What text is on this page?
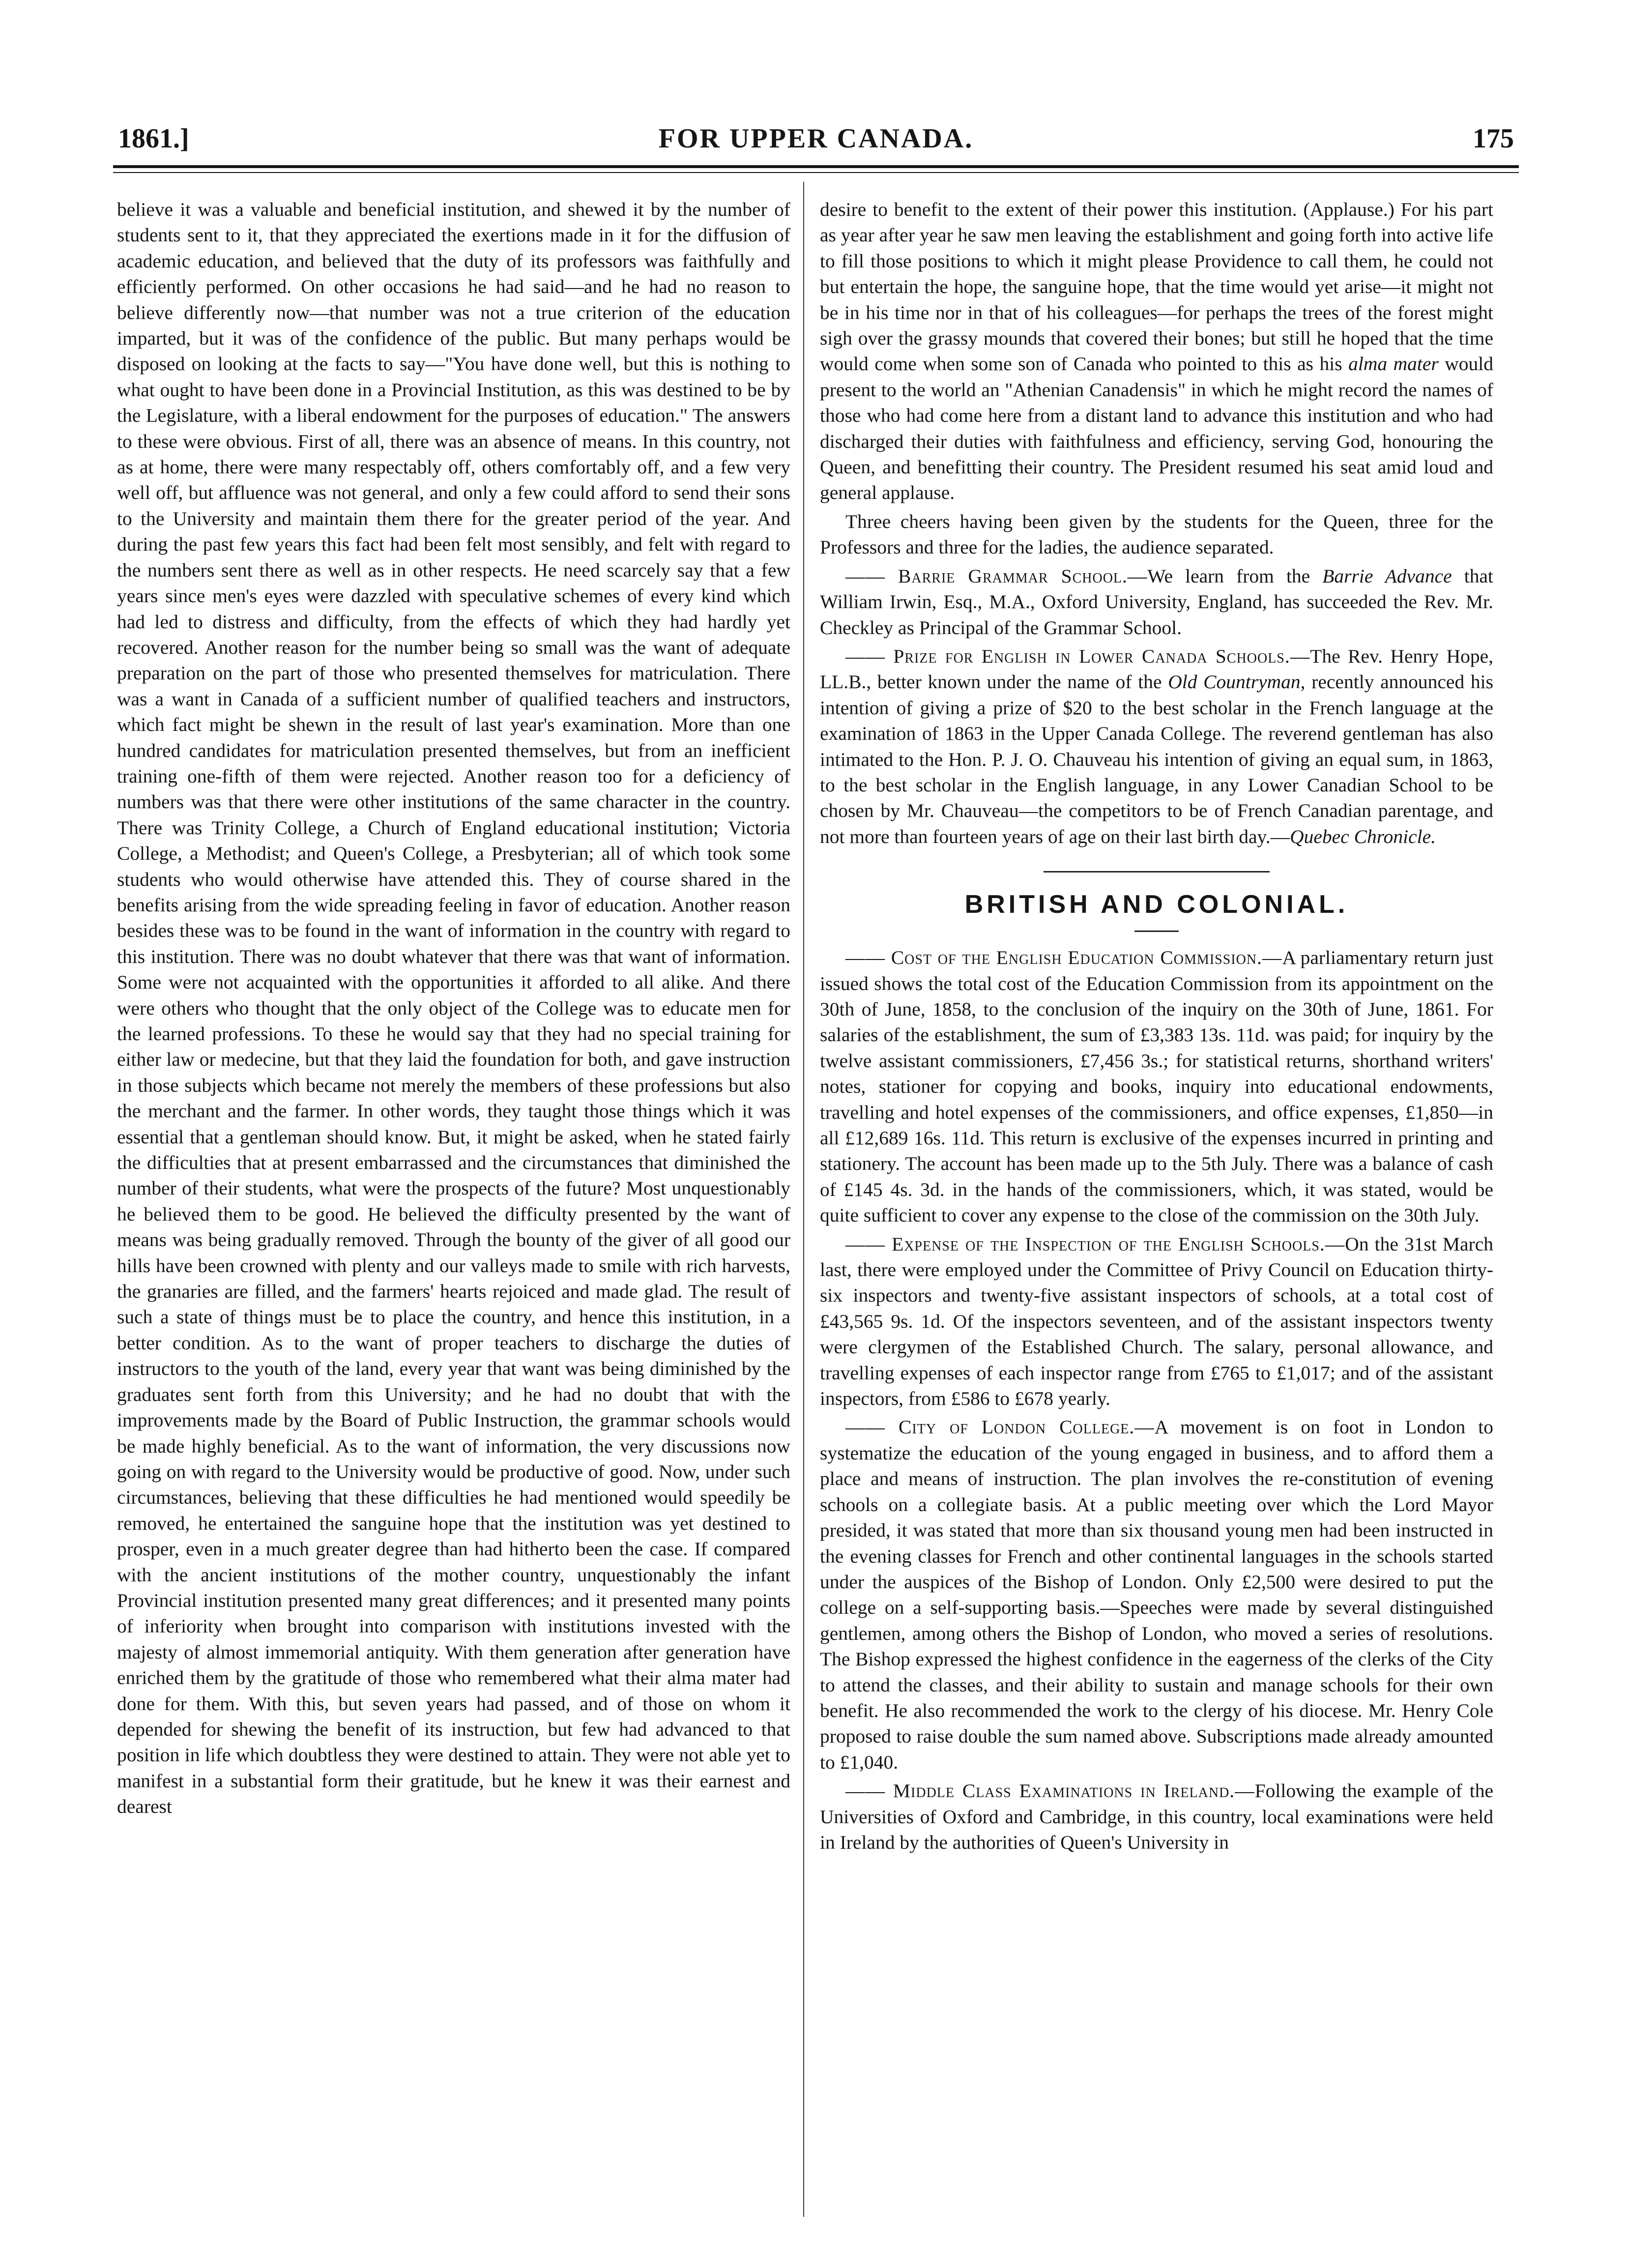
1861.]	FOR UPPER CANADA.	175

believe it was a valuable and beneficial institution, and shewed it by the number of students sent to it, that they appreciated the exertions made in it for the diffusion of academic education, and believed that the duty of its professors was faithfully and efficiently performed. On other occasions he had said—and he had no reason to believe differently now—that number was not a true criterion of the education imparted, but it was of the confidence of the public. But many perhaps would be disposed on looking at the facts to say—"You have done well, but this is nothing to what ought to have been done in a Provincial Institution, as this was destined to be by the Legislature, with a liberal endowment for the purposes of education." The answers to these were obvious. First of all, there was an absence of means. In this country, not as at home, there were many respectably off, others comfortably off, and a few very well off, but affluence was not general, and only a few could afford to send their sons to the University and maintain them there for the greater period of the year. And during the past few years this fact had been felt most sensibly, and felt with regard to the numbers sent there as well as in other respects. He need scarcely say that a few years since men's eyes were dazzled with speculative schemes of every kind which had led to distress and difficulty, from the effects of which they had hardly yet recovered. Another reason for the number being so small was the want of adequate preparation on the part of those who presented themselves for matriculation. There was a want in Canada of a sufficient number of qualified teachers and instructors, which fact might be shewn in the result of last year's examination. More than one hundred candidates for matriculation presented themselves, but from an inefficient training one-fifth of them were rejected. Another reason too for a deficiency of numbers was that there were other institutions of the same character in the country. There was Trinity College, a Church of England educational institution; Victoria College, a Methodist; and Queen's College, a Presbyterian; all of which took some students who would otherwise have attended this. They of course shared in the benefits arising from the wide spreading feeling in favor of education. Another reason besides these was to be found in the want of information in the country with regard to this institution. There was no doubt whatever that there was that want of information. Some were not acquainted with the opportunities it afforded to all alike. And there were others who thought that the only object of the College was to educate men for the learned professions. To these he would say that they had no special training for either law or medecine, but that they laid the foundation for both, and gave instruction in those subjects which became not merely the members of these professions but also the merchant and the farmer. In other words, they taught those things which it was essential that a gentleman should know. But, it might be asked, when he stated fairly the difficulties that at present embarrassed and the circumstances that diminished the number of their students, what were the prospects of the future? Most unquestionably he believed them to be good. He believed the difficulty presented by the want of means was being gradually removed. Through the bounty of the giver of all good our hills have been crowned with plenty and our valleys made to smile with rich harvests, the granaries are filled, and the farmers' hearts rejoiced and made glad. The result of such a state of things must be to place the country, and hence this institution, in a better condition. As to the want of proper teachers to discharge the duties of instructors to the youth of the land, every year that want was being diminished by the graduates sent forth from this University; and he had no doubt that with the improvements made by the Board of Public Instruction, the grammar schools would be made highly beneficial. As to the want of information, the very discussions now going on with regard to the University would be productive of good. Now, under such circumstances, believing that these difficulties he had mentioned would speedily be removed, he entertained the sanguine hope that the institution was yet destined to prosper, even in a much greater degree than had hitherto been the case. If compared with the ancient institutions of the mother country, unquestionably the infant Provincial institution presented many great differences; and it presented many points of inferiority when brought into comparison with institutions invested with the majesty of almost immemorial antiquity. With them generation after generation have enriched them by the gratitude of those who remembered what their alma mater had done for them. With this, but seven years had passed, and of those on whom it depended for shewing the benefit of its instruction, but few had advanced to that position in life which doubtless they were destined to attain. They were not able yet to manifest in a substantial form their gratitude, but he knew it was their earnest and dearest

desire to benefit to the extent of their power this institution. (Applause.) For his part as year after year he saw men leaving the establishment and going forth into active life to fill those positions to which it might please Providence to call them, he could not but entertain the hope, the sanguine hope, that the time would yet arise—it might not be in his time nor in that of his colleagues—for perhaps the trees of the forest might sigh over the grassy mounds that covered their bones; but still he hoped that the time would come when some son of Canada who pointed to this as his alma mater would present to the world an "Athenian Canadensis" in which he might record the names of those who had come here from a distant land to advance this institution and who had discharged their duties with faithfulness and efficiency, serving God, honouring the Queen, and benefitting their country. The President resumed his seat amid loud and general applause.

Three cheers having been given by the students for the Queen, three for the Professors and three for the ladies, the audience separated.

—— Barrie Grammar School.—We learn from the Barrie Advance that William Irwin, Esq., M.A., Oxford University, England, has succeeded the Rev. Mr. Checkley as Principal of the Grammar School.

—— Prize for English in Lower Canada Schools.—The Rev. Henry Hope, LL.B., better known under the name of the Old Countryman, recently announced his intention of giving a prize of $20 to the best scholar in the French language at the examination of 1863 in the Upper Canada College. The reverend gentleman has also intimated to the Hon. P. J. O. Chauveau his intention of giving an equal sum, in 1863, to the best scholar in the English language, in any Lower Canadian School to be chosen by Mr. Chauveau—the competitors to be of French Canadian parentage, and not more than fourteen years of age on their last birth day.—Quebec Chronicle.

BRITISH AND COLONIAL.

—— Cost of the English Education Commission.—A parliamentary return just issued shows the total cost of the Education Commission from its appointment on the 30th of June, 1858, to the conclusion of the inquiry on the 30th of June, 1861. For salaries of the establishment, the sum of £3,383 13s. 11d. was paid; for inquiry by the twelve assistant commissioners, £7,456 3s.; for statistical returns, shorthand writers' notes, stationer for copying and books, inquiry into educational endowments, travelling and hotel expenses of the commissioners, and office expenses, £1,850—in all £12,689 16s. 11d. This return is exclusive of the expenses incurred in printing and stationery. The account has been made up to the 5th July. There was a balance of cash of £145 4s. 3d. in the hands of the commissioners, which, it was stated, would be quite sufficient to cover any expense to the close of the commission on the 30th July.

—— Expense of the Inspection of the English Schools.—On the 31st March last, there were employed under the Committee of Privy Council on Education thirty-six inspectors and twenty-five assistant inspectors of schools, at a total cost of £43,565 9s. 1d. Of the inspectors seventeen, and of the assistant inspectors twenty were clergymen of the Established Church. The salary, personal allowance, and travelling expenses of each inspector range from £765 to £1,017; and of the assistant inspectors, from £586 to £678 yearly.

—— City of London College.—A movement is on foot in London to systematize the education of the young engaged in business, and to afford them a place and means of instruction. The plan involves the re-constitution of evening schools on a collegiate basis. At a public meeting over which the Lord Mayor presided, it was stated that more than six thousand young men had been instructed in the evening classes for French and other continental languages in the schools started under the auspices of the Bishop of London. Only £2,500 were desired to put the college on a self-supporting basis.—Speeches were made by several distinguished gentlemen, among others the Bishop of London, who moved a series of resolutions. The Bishop expressed the highest confidence in the eagerness of the clerks of the City to attend the classes, and their ability to sustain and manage schools for their own benefit. He also recommended the work to the clergy of his diocese. Mr. Henry Cole proposed to raise double the sum named above. Subscriptions made already amounted to £1,040.

—— Middle Class Examinations in Ireland.—Following the example of the Universities of Oxford and Cambridge, in this country, local examinations were held in Ireland by the authorities of Queen's University in
